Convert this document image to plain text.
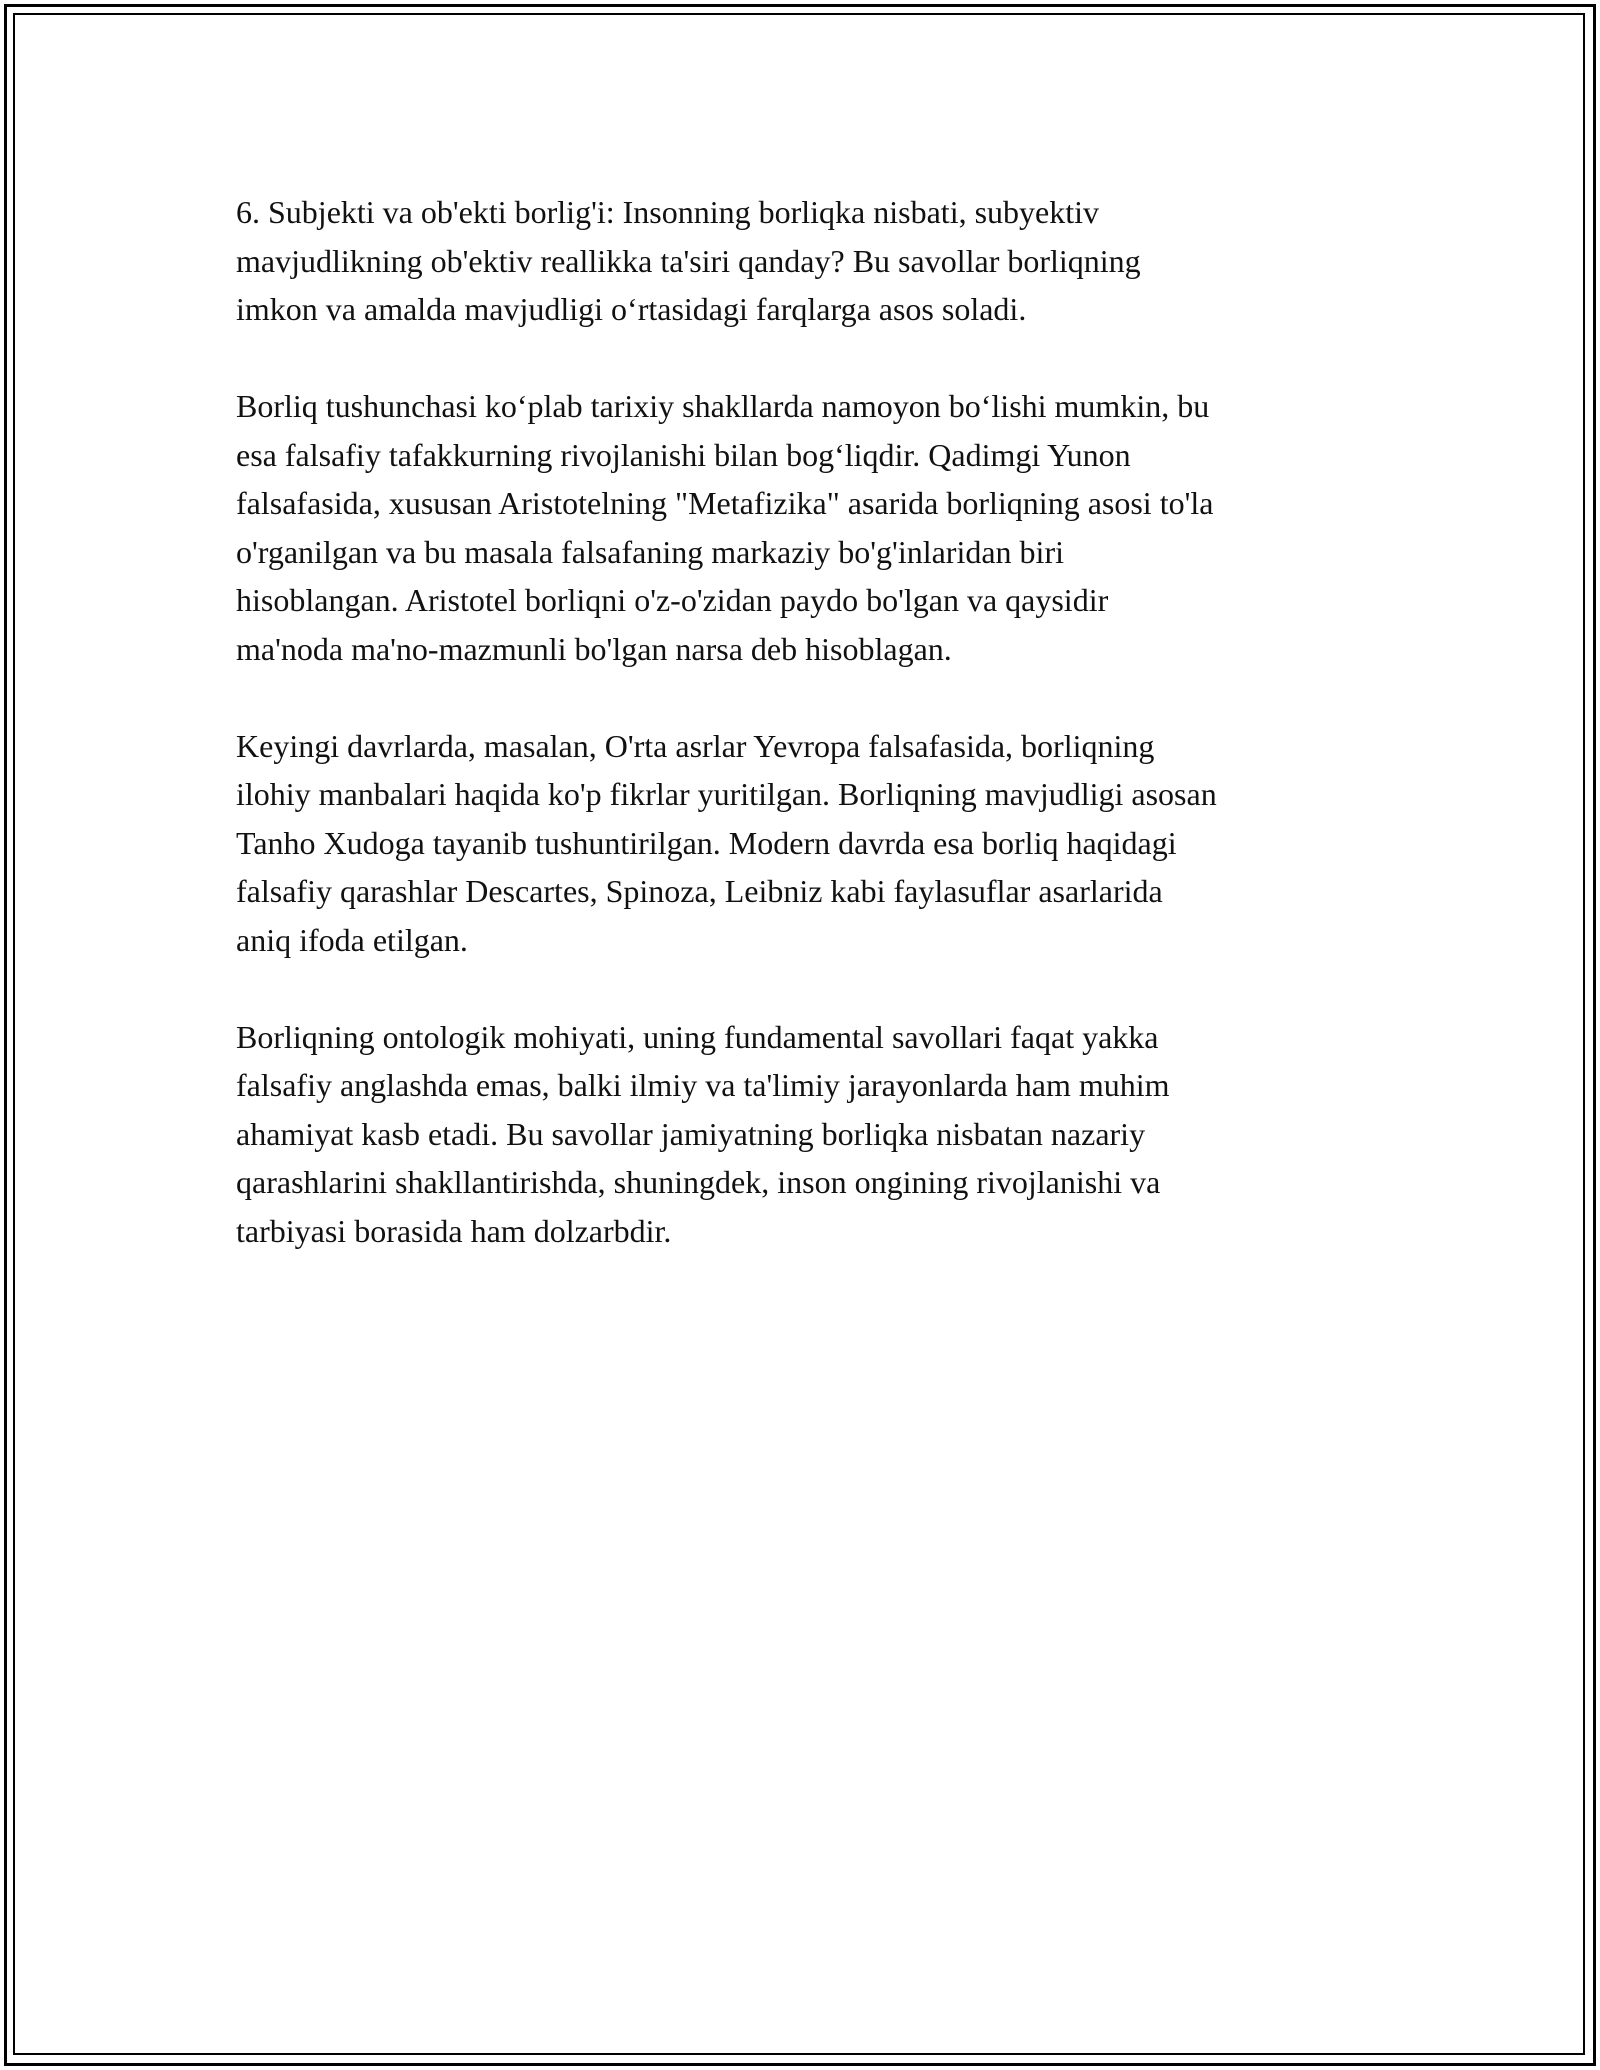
6. Subjekti va ob'ekti borlig'i: Insonning borliqka nisbati, subyektiv
mavjudlikning ob'ektiv reallikka ta'siri qanday? Bu savollar borliqning
imkon va amalda mavjudligi o‘rtasidagi farqlarga asos soladi.

Borliq tushunchasi ko‘plab tarixiy shakllarda namoyon bo‘lishi mumkin, bu
esa falsafiy tafakkurning rivojlanishi bilan bog‘liqdir. Qadimgi Yunon
falsafasida, xususan Aristotelning "Metafizika" asarida borliqning asosi to'la
o'rganilgan va bu masala falsafaning markaziy bo'g'inlaridan biri
hisoblangan. Aristotel borliqni o'z-o'zidan paydo bo'lgan va qaysidir
ma'noda ma'no-mazmunli bo'lgan narsa deb hisoblagan.

Keyingi davrlarda, masalan, O'rta asrlar Yevropa falsafasida, borliqning
ilohiy manbalari haqida ko'p fikrlar yuritilgan. Borliqning mavjudligi asosan
Tanho Xudoga tayanib tushuntirilgan. Modern davrda esa borliq haqidagi
falsafiy qarashlar Descartes, Spinoza, Leibniz kabi faylasuflar asarlarida
aniq ifoda etilgan.

Borliqning ontologik mohiyati, uning fundamental savollari faqat yakka
falsafiy anglashda emas, balki ilmiy va ta'limiy jarayonlarda ham muhim
ahamiyat kasb etadi. Bu savollar jamiyatning borliqka nisbatan nazariy
qarashlarini shakllantirishda, shuningdek, inson ongining rivojlanishi va
tarbiyasi borasida ham dolzarbdir.
